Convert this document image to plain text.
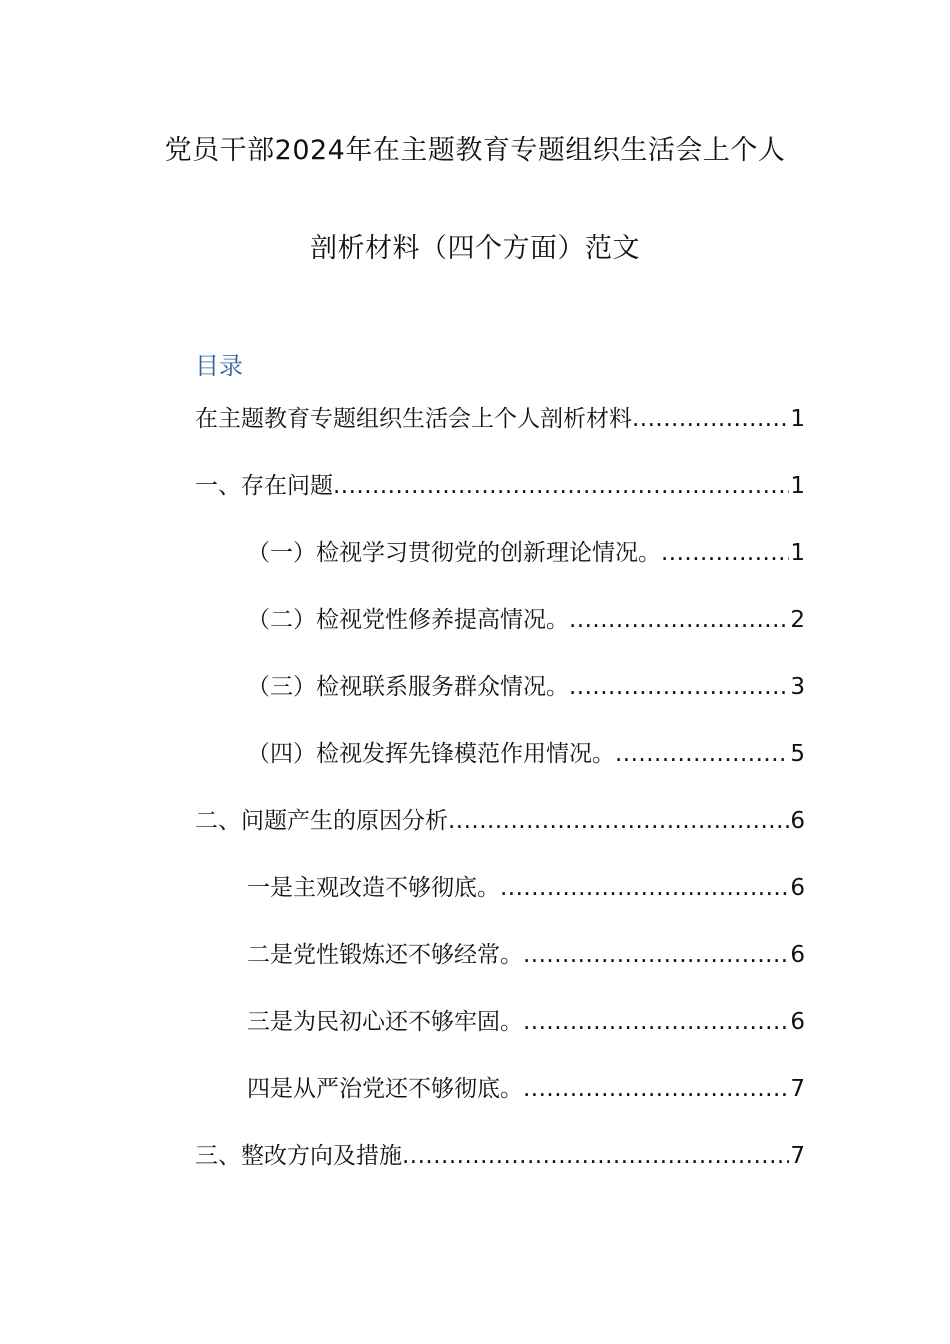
党员干部2024年在主题教育专题组织生活会上个人
剖析材料（四个方面）范文
目录
在主题教育专题组织生活会上个人剖析材料 .....	1
一、存在问题 .....	1
（一）检视学习贯彻党的创新理论情况。 .....	1
（二）检视党性修养提高情况。 .....	2
（三）检视联系服务群众情况。 .....	3
（四）检视发挥先锋模范作用情况。 .....	5
二、问题产生的原因分析 .....	6
一是主观改造不够彻底。 .....	6
二是党性锻炼还不够经常。 .....	6
三是为民初心还不够牢固。 .....	6
四是从严治党还不够彻底。 .....	7
三、整改方向及措施 .....	7
